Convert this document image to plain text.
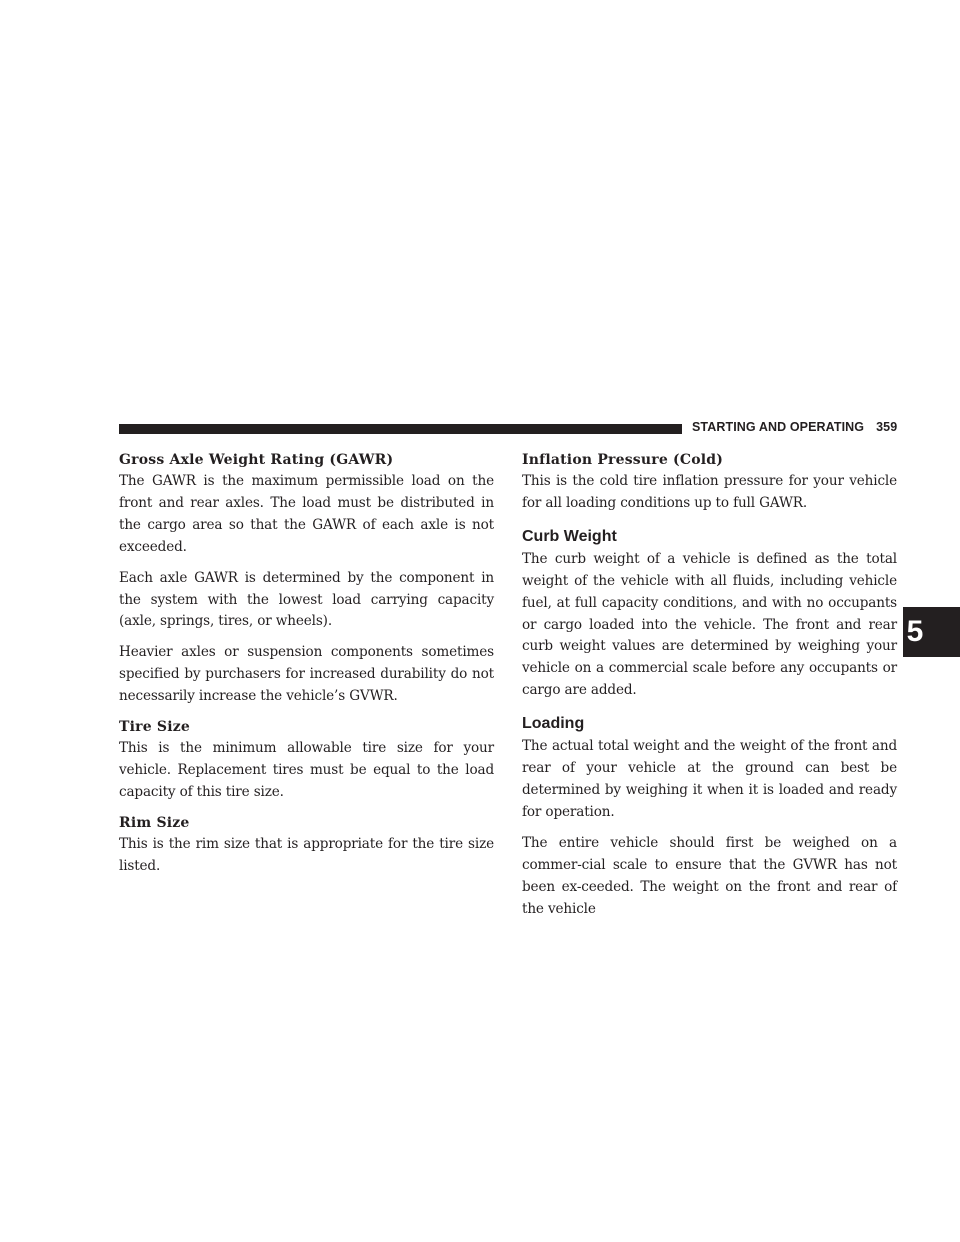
STARTING AND OPERATING 359
5

Gross Axle Weight Rating (GAWR)

The GAWR is the maximum permissible load on the front and rear axles. The load must be distributed in the cargo area so that the GAWR of each axle is not exceeded.

Each axle GAWR is determined by the component in the system with the lowest load carrying capacity (axle, springs, tires, or wheels).

Heavier axles or suspension components sometimes specified by purchasers for increased durability do not necessarily increase the vehicle’s GVWR.

Tire Size

This is the minimum allowable tire size for your vehicle. Replacement tires must be equal to the load capacity of this tire size.

Rim Size

This is the rim size that is appropriate for the tire size listed.

Inflation Pressure (Cold)

This is the cold tire inflation pressure for your vehicle for all loading conditions up to full GAWR.

Curb Weight

The curb weight of a vehicle is defined as the total weight of the vehicle with all fluids, including vehicle fuel, at full capacity conditions, and with no occupants or cargo loaded into the vehicle. The front and rear curb weight values are determined by weighing your vehicle on a commercial scale before any occupants or cargo are added.

Loading

The actual total weight and the weight of the front and rear of your vehicle at the ground can best be determined by weighing it when it is loaded and ready for operation.

The entire vehicle should first be weighed on a commer-cial scale to ensure that the GVWR has not been ex-ceeded. The weight on the front and rear of the vehicle
